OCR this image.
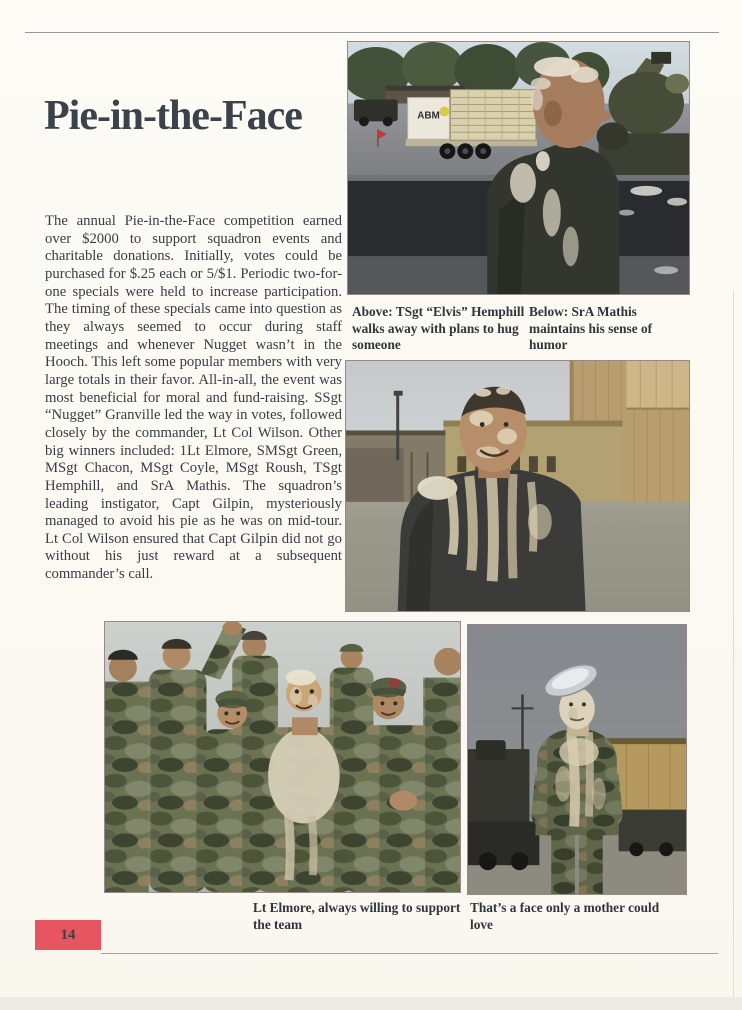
Pie-in-the-Face	ABM
Above: TSgt “Elvis” Hemphill walks away with plans to hug someone
Below: SrA Mathis maintains his sense of humor
The annual Pie-in-the-Face competition earned over $2000 to support squadron events and charitable donations. Initially, votes could be purchased for $.25 each or 5/$1. Periodic two-for-one specials were held to increase participation. The timing of these specials came into question as they always seemed to occur during staff meetings and whenever Nugget wasn’t in the Hooch. This left some popular members with very large totals in their favor. All-in-all, the event was most beneficial for moral and fund-raising. SSgt “Nugget” Granville led the way in votes, followed closely by the commander, Lt Col Wilson. Other big winners included: 1Lt Elmore, SMSgt Green, MSgt Chacon, MSgt Coyle, MSgt Roush, TSgt Hemphill, and SrA Mathis. The squadron’s leading instigator, Capt Gilpin, mysteriously managed to avoid his pie as he was on mid-tour. Lt Col Wilson ensured that Capt Gilpin did not go without his just reward at a subsequent commander’s call.
Lt Elmore, always willing to support the team
That’s a face only a mother could love
14
